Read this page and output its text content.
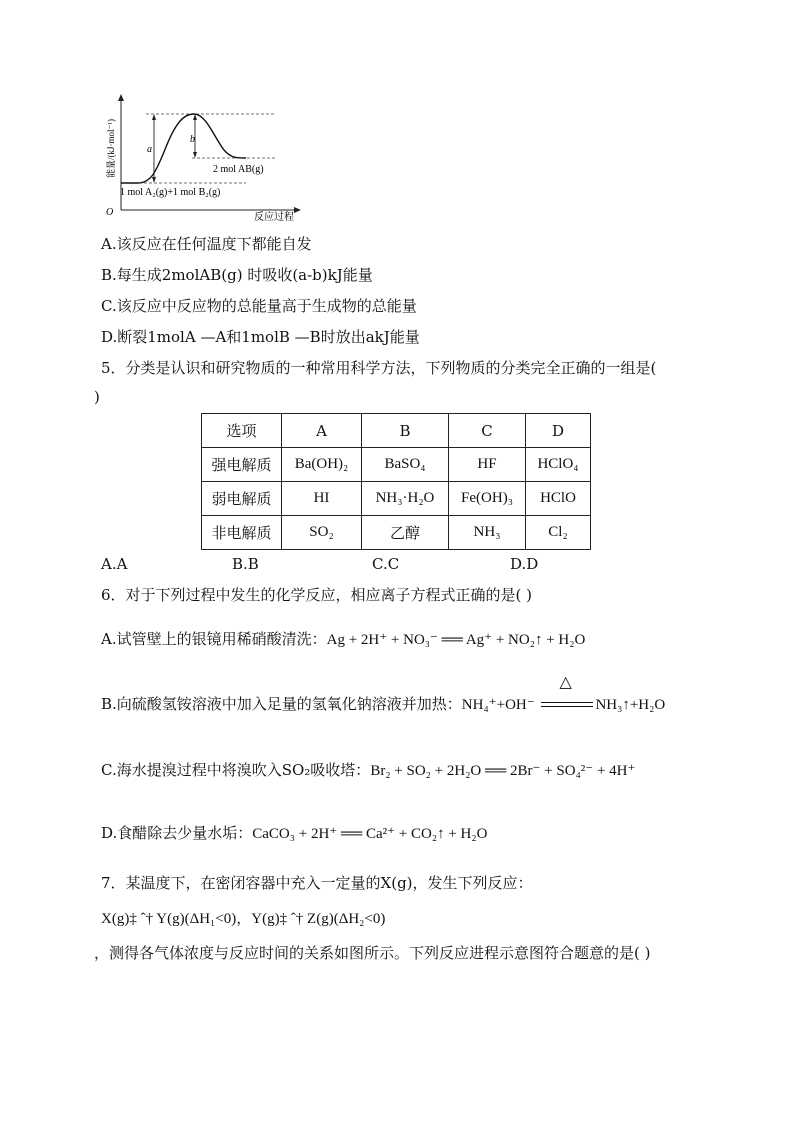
a
b
2 mol AB(g)
1 mol A₂(g)+1 mol B₂(g)
O	反应过程
能量/(kJ·mol⁻¹)
A.该反应在任何温度下都能自发
B.每生成2molAB(g) 时吸收(a-b)kJ能量
C.该反应中反应物的总能量高于生成物的总能量
D.断裂1molA —A和1molB —B时放出akJ能量
5．分类是认识和研究物质的一种常用科学方法，下列物质的分类完全正确的一组是(
)
选项	A	B	C	D
强电解质	Ba(OH)₂	BaSO₄	HF	HClO₄
弱电解质	HI	NH₃·H₂O	Fe(OH)₃	HClO
非电解质	SO₂	乙醇	NH₃	Cl₂
A.A	B.B	C.C	D.D
6．对于下列过程中发生的化学反应，相应离子方程式正确的是( )
A.试管壁上的银镜用稀硝酸清洗：Ag + 2H⁺ + NO₃⁻ ══ Ag⁺ + NO₂↑ + H₂O
B.向硫酸氢铵溶液中加入足量的氢氧化钠溶液并加热：NH₄⁺+OH⁻
△
NH₃↑+H₂O
C.海水提溴过程中将溴吹入SO₂吸收塔：Br₂ + SO₂ + 2H₂O ══ 2Br⁻ + SO₄²⁻ + 4H⁺
D.食醋除去少量水垢：CaCO₃ + 2H⁺ ══ Ca²⁺ + CO₂↑ + H₂O
7．某温度下，在密闭容器中充入一定量的X(g)，发生下列反应：
X(g)‡ ˆ† Y(g)(ΔH₁<0)，Y(g)‡ ˆ† Z(g)(ΔH₂<0)
，测得各气体浓度与反应时间的关系如图所示。下列反应进程示意图符合题意的是( )
